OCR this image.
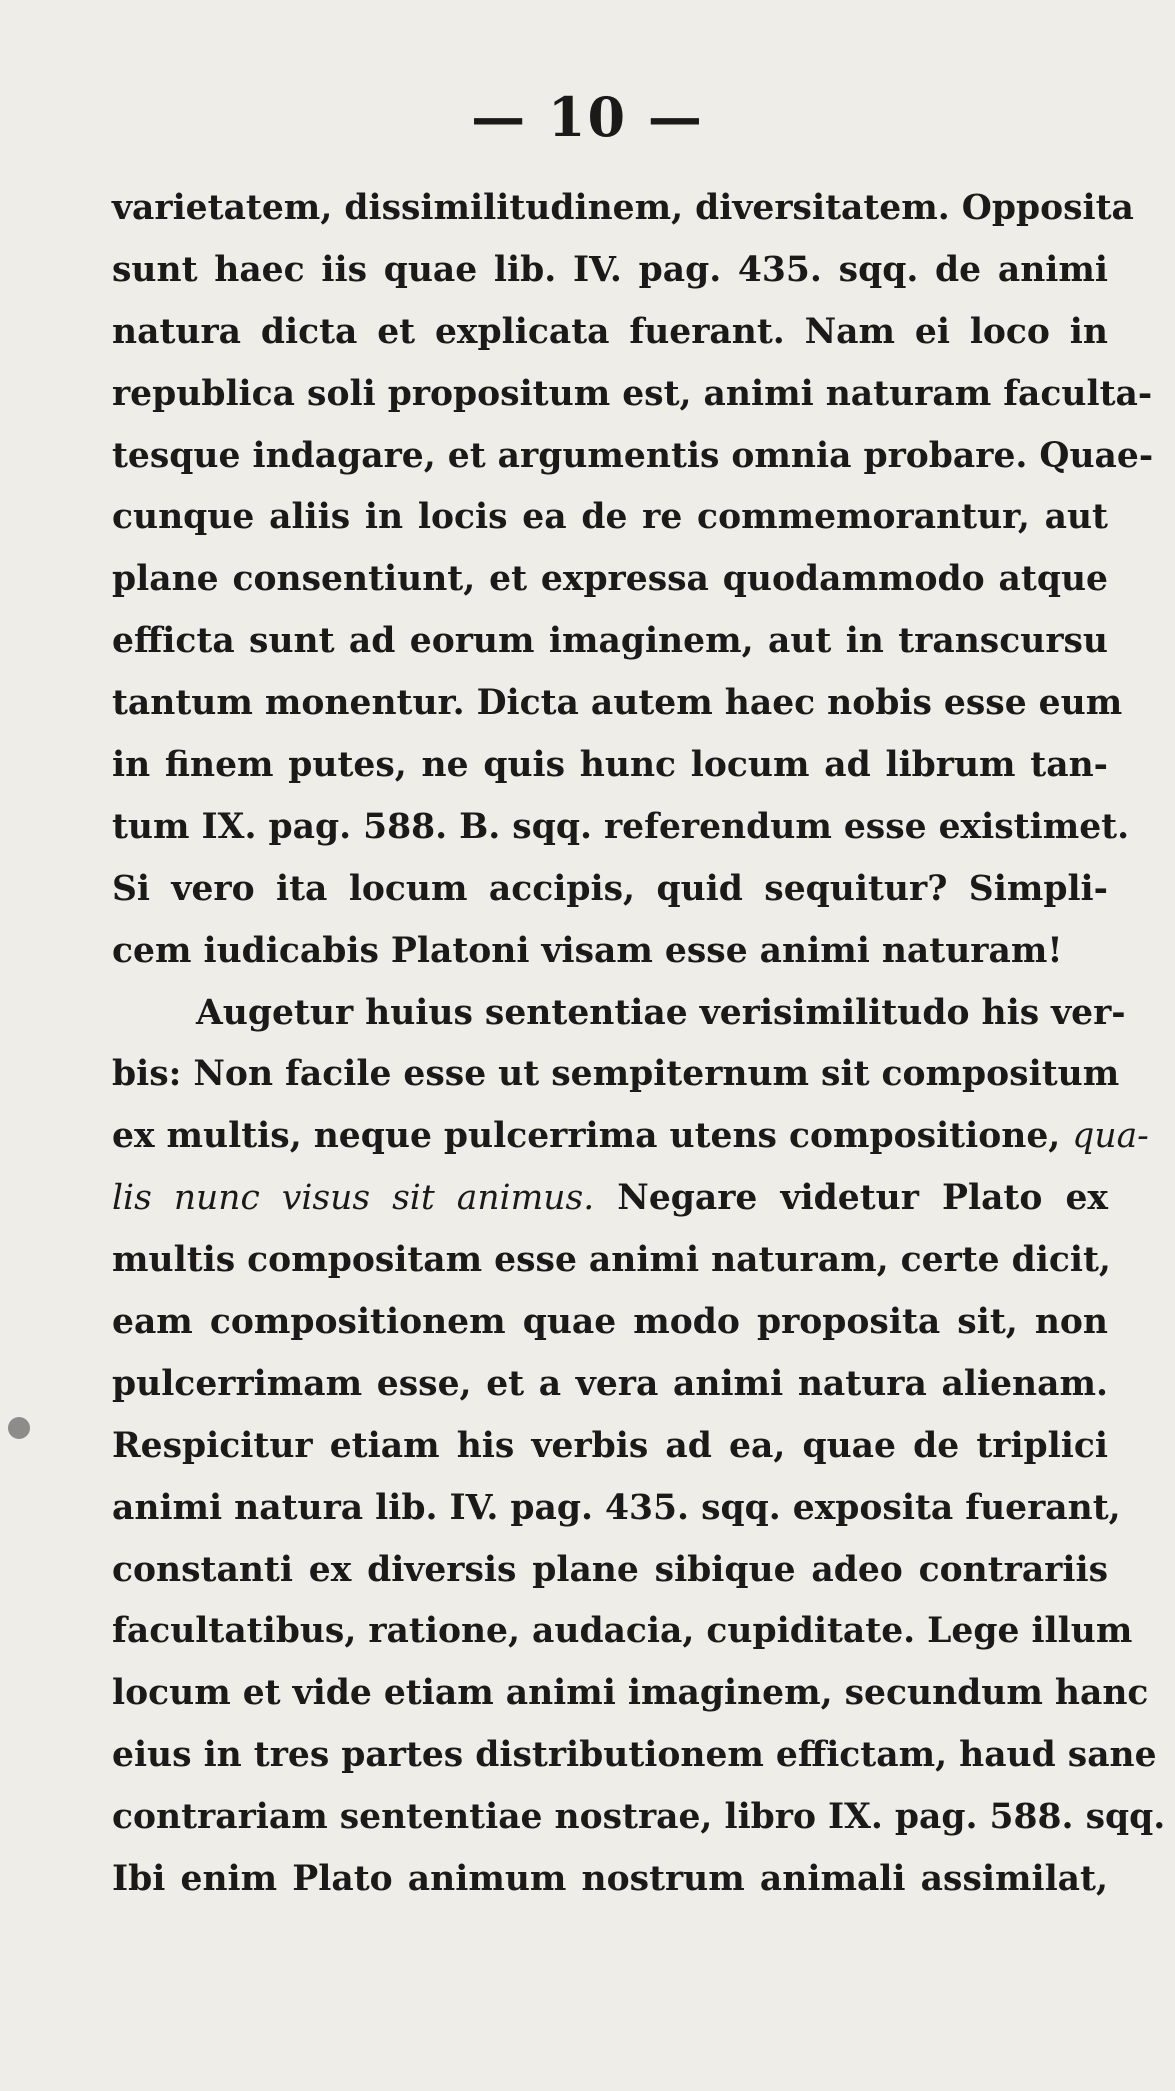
— 10 —
varietatem, dissimilitudinem, diversitatem. Opposita
sunt haec iis quae lib. IV. pag. 435. sqq. de animi
natura dicta et explicata fuerant. Nam ei loco in
republica soli propositum est, animi naturam faculta-
tesque indagare, et argumentis omnia probare. Quae-
cunque aliis in locis ea de re commemorantur, aut
plane consentiunt, et expressa quodammodo atque
efficta sunt ad eorum imaginem, aut in transcursu
tantum monentur. Dicta autem haec nobis esse eum
in finem putes, ne quis hunc locum ad librum tan-
tum IX. pag. 588. B. sqq. referendum esse existimet.
Si vero ita locum accipis, quid sequitur? Simpli-
cem iudicabis Platoni visam esse animi naturam!
Augetur huius sententiae verisimilitudo his ver-
bis: Non facile esse ut sempiternum sit compositum
ex multis, neque pulcerrima utens compositione, qua-
lis nunc visus sit animus. Negare videtur Plato ex
multis compositam esse animi naturam, certe dicit,
eam compositionem quae modo proposita sit, non
pulcerrimam esse, et a vera animi natura alienam.
Respicitur etiam his verbis ad ea, quae de triplici
animi natura lib. IV. pag. 435. sqq. exposita fuerant,
constanti ex diversis plane sibique adeo contrariis
facultatibus, ratione, audacia, cupiditate. Lege illum
locum et vide etiam animi imaginem, secundum hanc
eius in tres partes distributionem effictam, haud sane
contrariam sententiae nostrae, libro IX. pag. 588. sqq.
Ibi enim Plato animum nostrum animali assimilat,
